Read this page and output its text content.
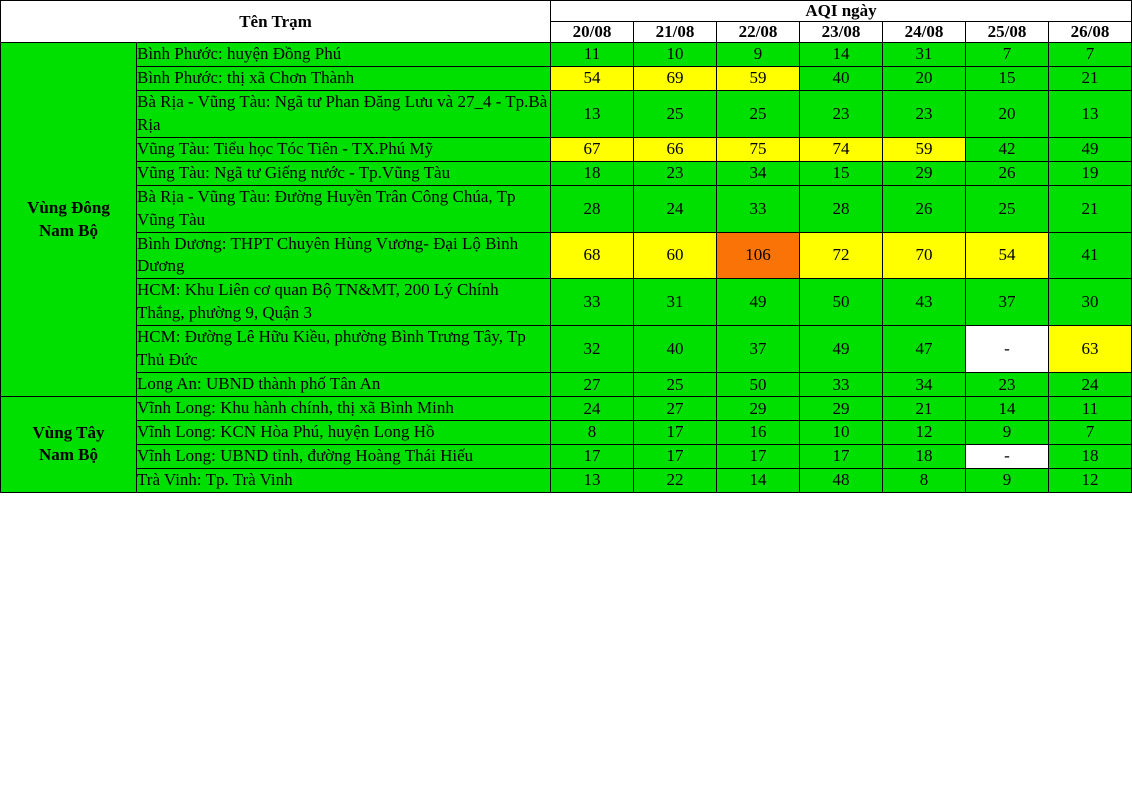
Tên Trạm		AQI ngày						
		20/08	21/08	22/08	23/08	24/08	25/08	26/08

Vùng Đông
Nam Bộ	Bình Phước: huyện Đồng Phú	11	10	9	14	31	7	7
	Bình Phước: thị xã Chơn Thành	54	69	59	40	20	15	21
	Bà Rịa - Vũng Tàu: Ngã tư Phan Đăng Lưu và 27_4 - Tp.Bà Rịa	13	25	25	23	23	20	13
	Vũng Tàu: Tiểu học Tóc Tiên - TX.Phú Mỹ	67	66	75	74	59	42	49
	Vũng Tàu: Ngã tư Giếng nước - Tp.Vũng Tàu	18	23	34	15	29	26	19
	Bà Rịa - Vũng Tàu: Đường Huyền Trân Công Chúa, Tp Vũng Tàu	28	24	33	28	26	25	21
	Bình Dương: THPT Chuyên Hùng Vương- Đại Lộ Bình Dương	68	60	106	72	70	54	41
	HCM: Khu Liên cơ quan Bộ TN&MT, 200 Lý Chính Thắng, phường 9, Quận 3	33	31	49	50	43	37	30
	HCM: Đường Lê Hữu Kiều, phường Bình Trưng Tây, Tp Thủ Đức	32	40	37	49	47	-	63
	Long An: UBND thành phố Tân An	27	25	50	33	34	23	24

Vùng Tây
Nam Bộ	Vĩnh Long: Khu hành chính, thị xã Bình Minh	24	27	29	29	21	14	11
	Vĩnh Long: KCN Hòa Phú, huyện Long Hồ	8	17	16	10	12	9	7
	Vĩnh Long: UBND tỉnh, đường Hoàng Thái Hiếu	17	17	17	17	18	-	18
	Trà Vinh: Tp. Trà Vinh	13	22	14	48	8	9	12
